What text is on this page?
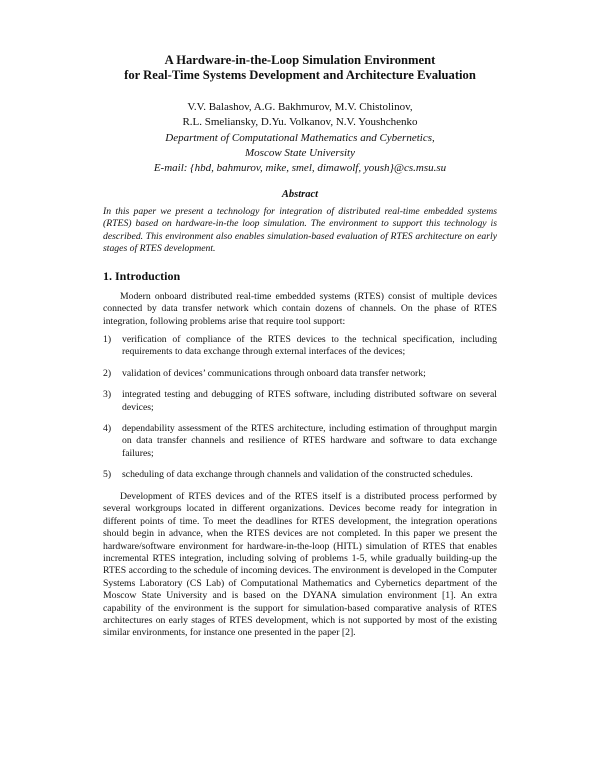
A Hardware-in-the-Loop Simulation Environment
for Real-Time Systems Development and Architecture Evaluation
V.V. Balashov, A.G. Bakhmurov, M.V. Chistolinov,
R.L. Smeliansky, D.Yu. Volkanov, N.V. Youshchenko
Department of Computational Mathematics and Cybernetics,
Moscow State University
E-mail: {hbd, bahmurov, mike, smel, dimawolf, yoush}@cs.msu.su
Abstract
In this paper we present a technology for integration of distributed real-time embedded systems (RTES) based on hardware-in-the loop simulation. The environment to support this technology is described. This environment also enables simulation-based evaluation of RTES architecture on early stages of RTES development.
1. Introduction

Modern onboard distributed real-time embedded systems (RTES) consist of multiple devices connected by data transfer network which contain dozens of channels. On the phase of RTES integration, following problems arise that require tool support:

1) verification of compliance of the RTES devices to the technical specification, including requirements to data exchange through external interfaces of the devices;
2) validation of devices’ communications through onboard data transfer network;
3) integrated testing and debugging of RTES software, including distributed software on several devices;
4) dependability assessment of the RTES architecture, including estimation of throughput margin on data transfer channels and resilience of RTES hardware and software to data exchange failures;
5) scheduling of data exchange through channels and validation of the constructed schedules.

Development of RTES devices and of the RTES itself is a distributed process performed by several workgroups located in different organizations. Devices become ready for integration in different points of time. To meet the deadlines for RTES development, the integration operations should begin in advance, when the RTES devices are not completed. In this paper we present the hardware/software environment for hardware-in-the-loop (HITL) simulation of RTES that enables incremental RTES integration, including solving of problems 1-5, while gradually building-up the RTES according to the schedule of incoming devices. The environment is developed in the Computer Systems Laboratory (CS Lab) of Computational Mathematics and Cybernetics department of the Moscow State University and is based on the DYANA simulation environment [1]. An extra capability of the environment is the support for simulation-based comparative analysis of RTES architectures on early stages of RTES development, which is not supported by most of the existing similar environments, for instance one presented in the paper [2].
